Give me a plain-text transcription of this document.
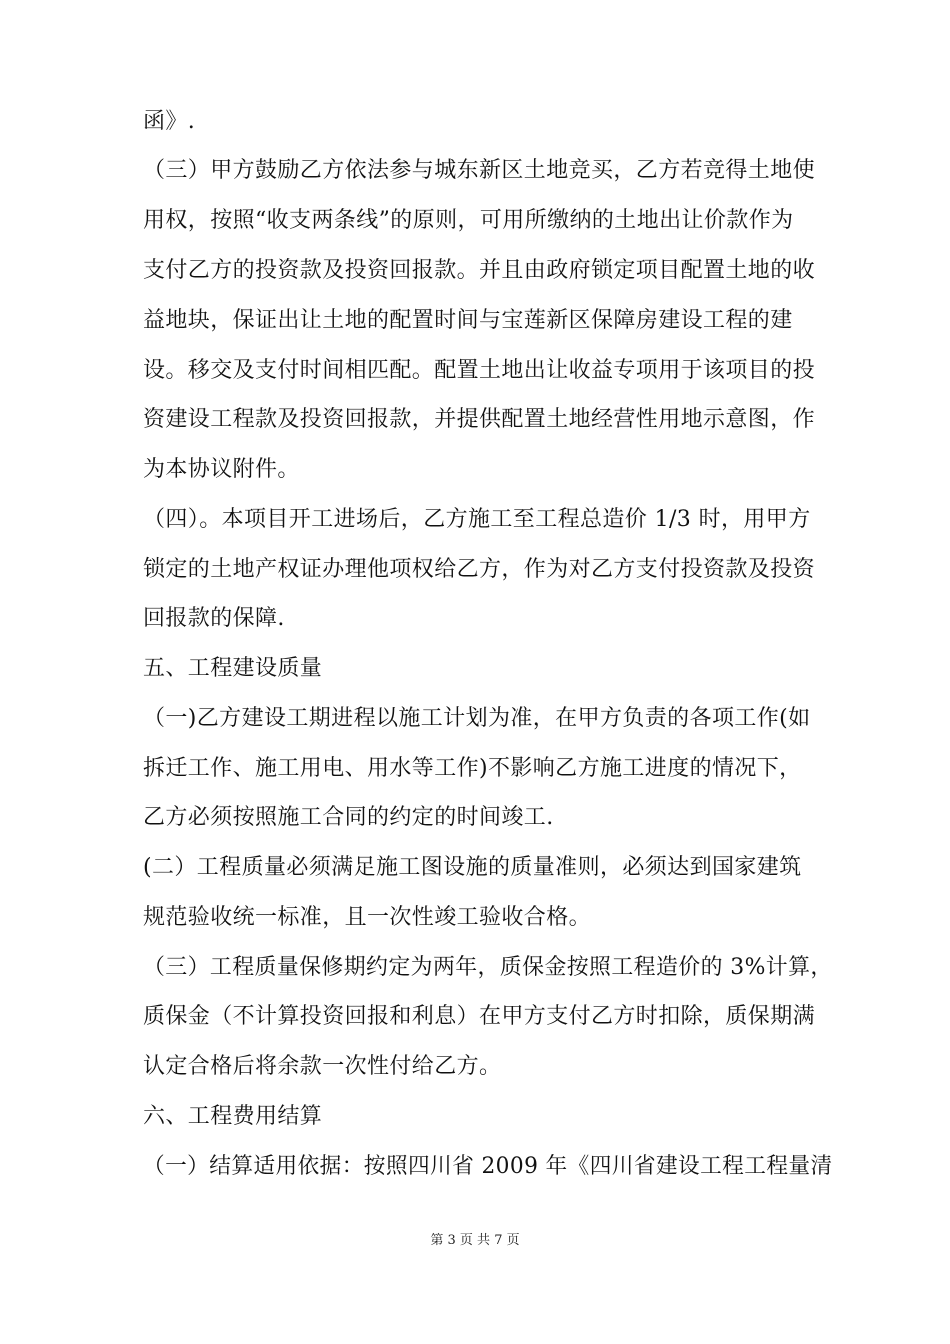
函》.
（三）甲方鼓励乙方依法参与城东新区土地竞买，乙方若竞得土地使
用权，按照“收支两条线”的原则，可用所缴纳的土地出让价款作为
支付乙方的投资款及投资回报款。并且由政府锁定项目配置土地的收
益地块，保证出让土地的配置时间与宝莲新区保障房建设工程的建
设。移交及支付时间相匹配。配置土地出让收益专项用于该项目的投
资建设工程款及投资回报款，并提供配置土地经营性用地示意图，作
为本协议附件。
（四）。本项目开工进场后，乙方施工至工程总造价 1/3 时，用甲方
锁定的土地产权证办理他项权给乙方，作为对乙方支付投资款及投资
回报款的保障.
五、工程建设质量
（一)乙方建设工期进程以施工计划为准，在甲方负责的各项工作(如
拆迁工作、施工用电、用水等工作)不影响乙方施工进度的情况下，
乙方必须按照施工合同的约定的时间竣工.
(二）工程质量必须满足施工图设施的质量准则，必须达到国家建筑
规范验收统一标准，且一次性竣工验收合格。
（三）工程质量保修期约定为两年，质保金按照工程造价的 3%计算，
质保金（不计算投资回报和利息）在甲方支付乙方时扣除，质保期满
认定合格后将余款一次性付给乙方。
六、工程费用结算
（一）结算适用依据：按照四川省 2009 年《四川省建设工程工程量清
第 3 页 共 7 页
